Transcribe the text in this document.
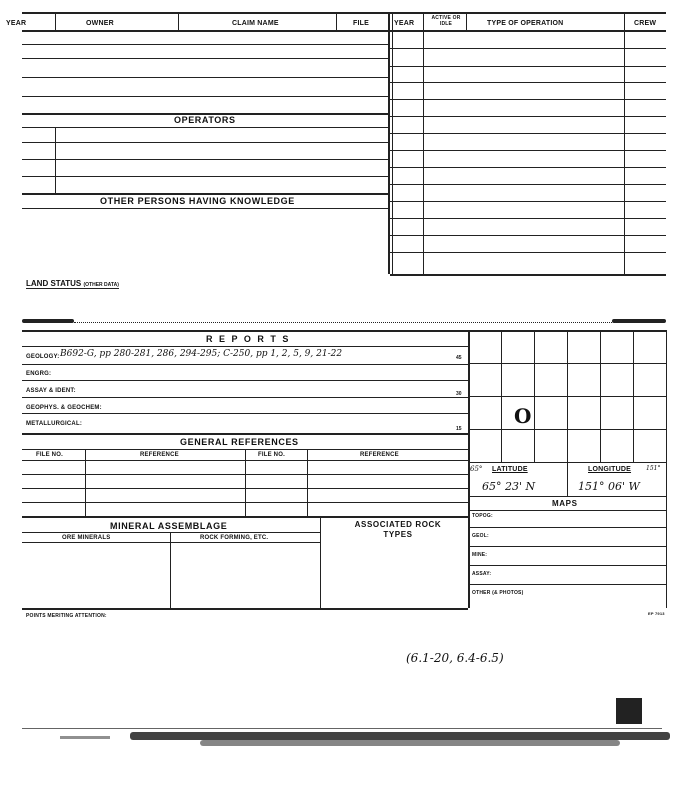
YEAR	OWNER	CLAIM NAME	FILE	YEAR
ACTIVE OR IDLE	TYPE OF OPERATION	CREW
OPERATORS
OTHER PERSONS HAVING KNOWLEDGE
LAND STATUS (OTHER DATA)
R E P O R T S
GEOLOGY: B692-G, pp 280-281, 286, 294-295; C-250, pp 1, 2, 5, 9, 21-22	45
ENGRG:
ASSAY & IDENT:	30
GEOPHYS. & GEOCHEM:
METALLURGICAL:
15
GENERAL REFERENCES
FILE NO.	REFERENCE	FILE NO.	REFERENCE
MINERAL ASSEMBLAGE
ORE MINERALS	ROCK FORMING, ETC.
ASSOCIATED ROCK TYPES
O
65° LATITUDE	LONGITUDE 151°
65° 23' N	151° 06' W
MAPS
TOPOG:
GEOL:
MINE:
ASSAY:
OTHER (& PHOTOS)
POINTS MERITING ATTENTION:	EP 7913
(6.1-20, 6.4-6.5)
